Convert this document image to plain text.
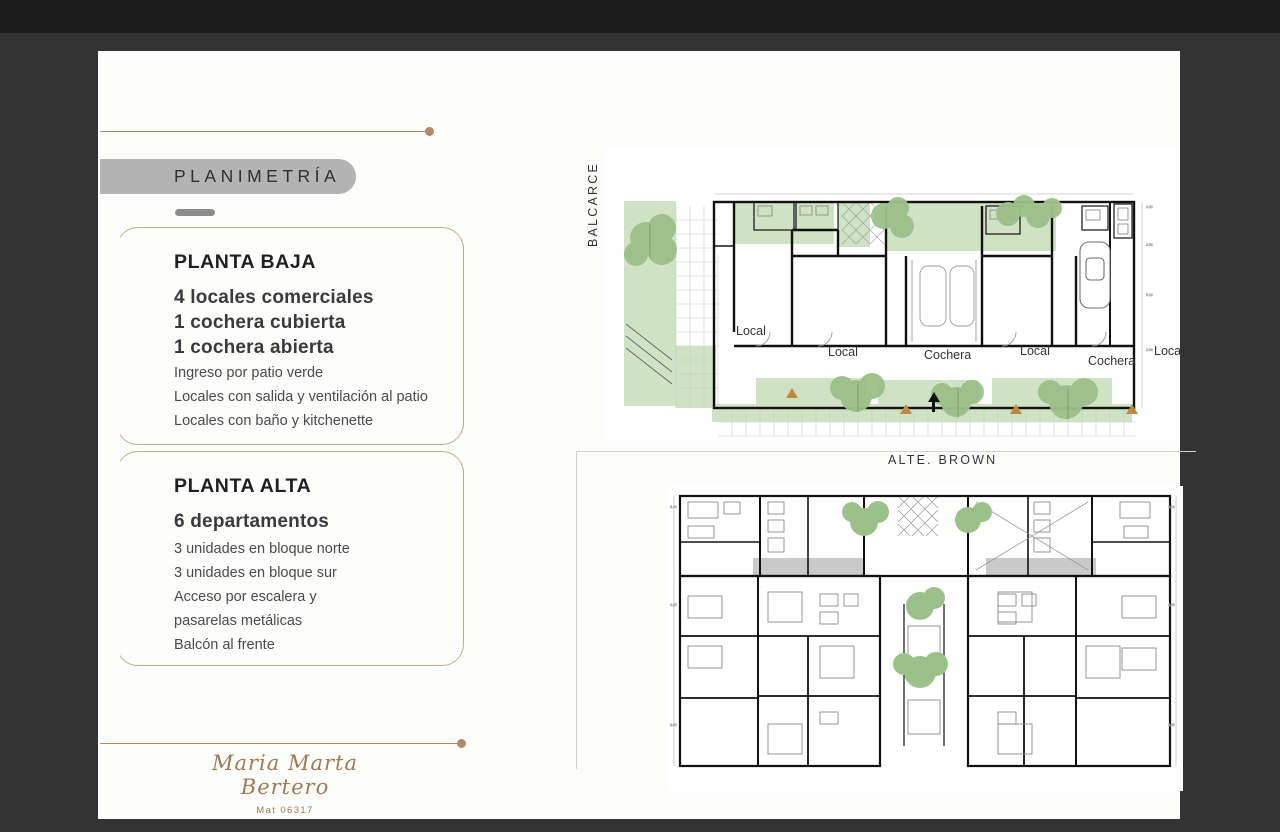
PLANIMETRÍA
PLANTA BAJA
4 locales comerciales
1 cochera cubierta
1 cochera abierta
Ingreso por patio verde
Locales con salida y ventilación al patio
Locales con baño y kitchenette
PLANTA ALTA
6 departamentos
3 unidades en bloque norte
3 unidades en bloque sur
Acceso por escalera y
pasarelas metálicas
Balcón al frente
Maria Marta Bertero
Mat 06317
BALCARCE
ALTE. BROWN
4.20
3.55
5.10
2.80
Local
Local	Cochera	Local
Cochera
Local
3.10
4.25
3.80
3.10
4.25
3.80
